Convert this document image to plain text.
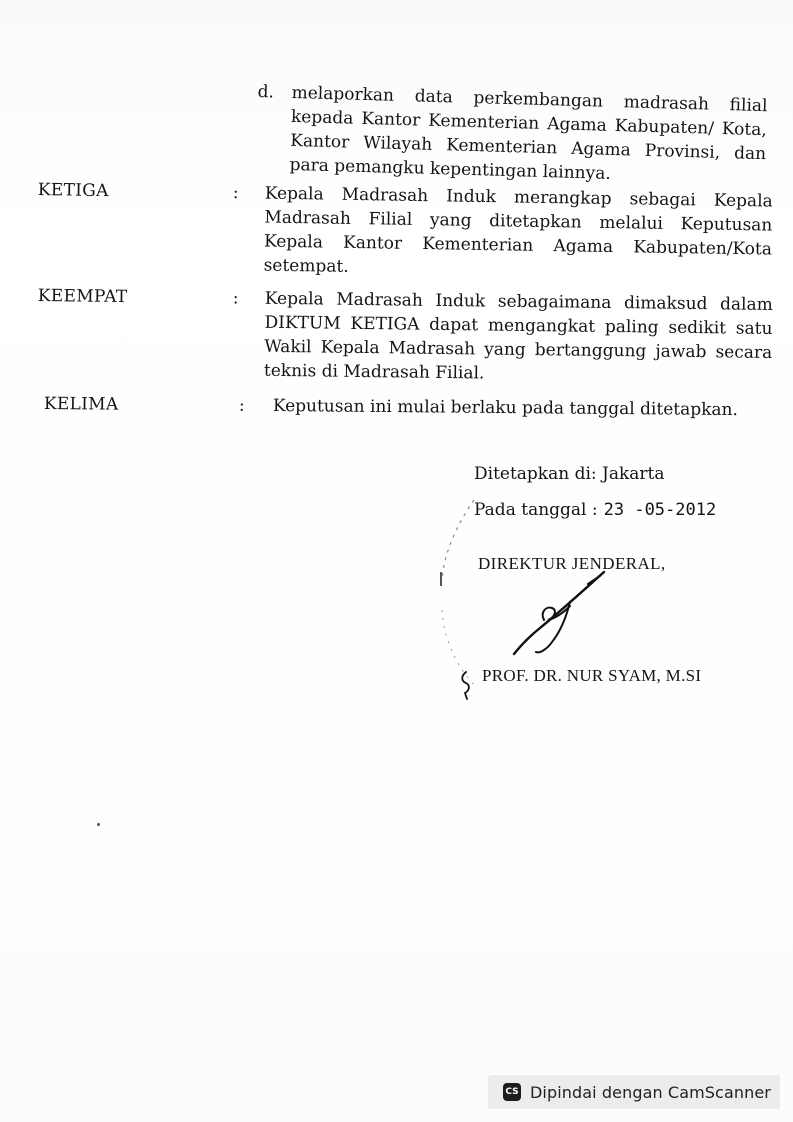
d. melaporkan data perkembangan madrasah filial kepada Kantor Kementerian Agama Kabupaten/ Kota, Kantor Wilayah Kementerian Agama Provinsi, dan para pemangku kepentingan lainnya.
KETIGA	: Kepala Madrasah Induk merangkap sebagai Kepala Madrasah Filial yang ditetapkan melalui Keputusan Kepala Kantor Kementerian Agama Kabupaten/Kota setempat.
KEEMPAT	: Kepala Madrasah Induk sebagaimana dimaksud dalam DIKTUM KETIGA dapat mengangkat paling sedikit satu Wakil Kepala Madrasah yang bertanggung jawab secara teknis di Madrasah Filial.
KELIMA	: Keputusan ini mulai berlaku pada tanggal ditetapkan.
Ditetapkan di: Jakarta
Pada tanggal : 23 -05-2012
DIREKTUR JENDERAL,
PROF. DR. NUR SYAM, M.SI
CS Dipindai dengan CamScanner
